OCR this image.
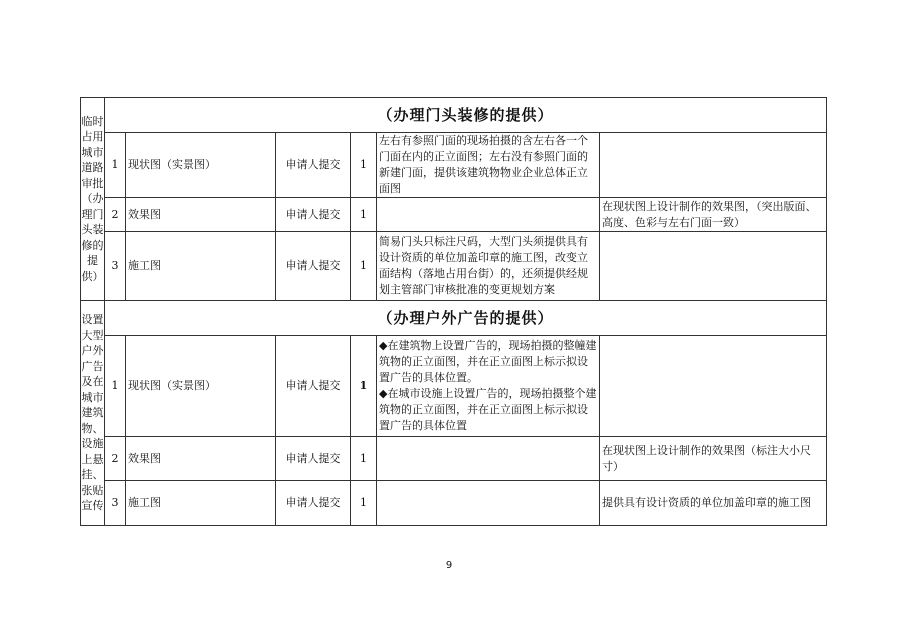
临时占用城市道路审批（办理门头装修的提供）	（办理门头装修的提供）					
	1	现状图（实景图）	申请人提交	1	左右有参照门面的现场拍摄的含左右各一个门面在内的正立面图；左右没有参照门面的新建门面，提供该建筑物物业企业总体正立面图	
	2	效果图	申请人提交	1		在现状图上设计制作的效果图，（突出版面、高度、色彩与左右门面一致）
	3	施工图	申请人提交	1	简易门头只标注尺码，大型门头须提供具有设计资质的单位加盖印章的施工图，改变立面结构（落地占用台街）的，还须提供经规划主管部门审核批准的变更规划方案	
设置大型户外广告及在城市建筑物、设施上悬挂、张贴宣传	（办理户外广告的提供）					
	1	现状图（实景图）	申请人提交	1	◆在建筑物上设置广告的，现场拍摄的整幢建筑物的正立面图，并在正立面图上标示拟设置广告的具体位置。
◆在城市设施上设置广告的，现场拍摄整个建筑物的正立面图，并在正立面图上标示拟设置广告的具体位置	

	2	效果图	申请人提交	1		在现状图上设计制作的效果图（标注大小尺寸）
	3	施工图	申请人提交	1		提供具有设计资质的单位加盖印章的施工图
9
